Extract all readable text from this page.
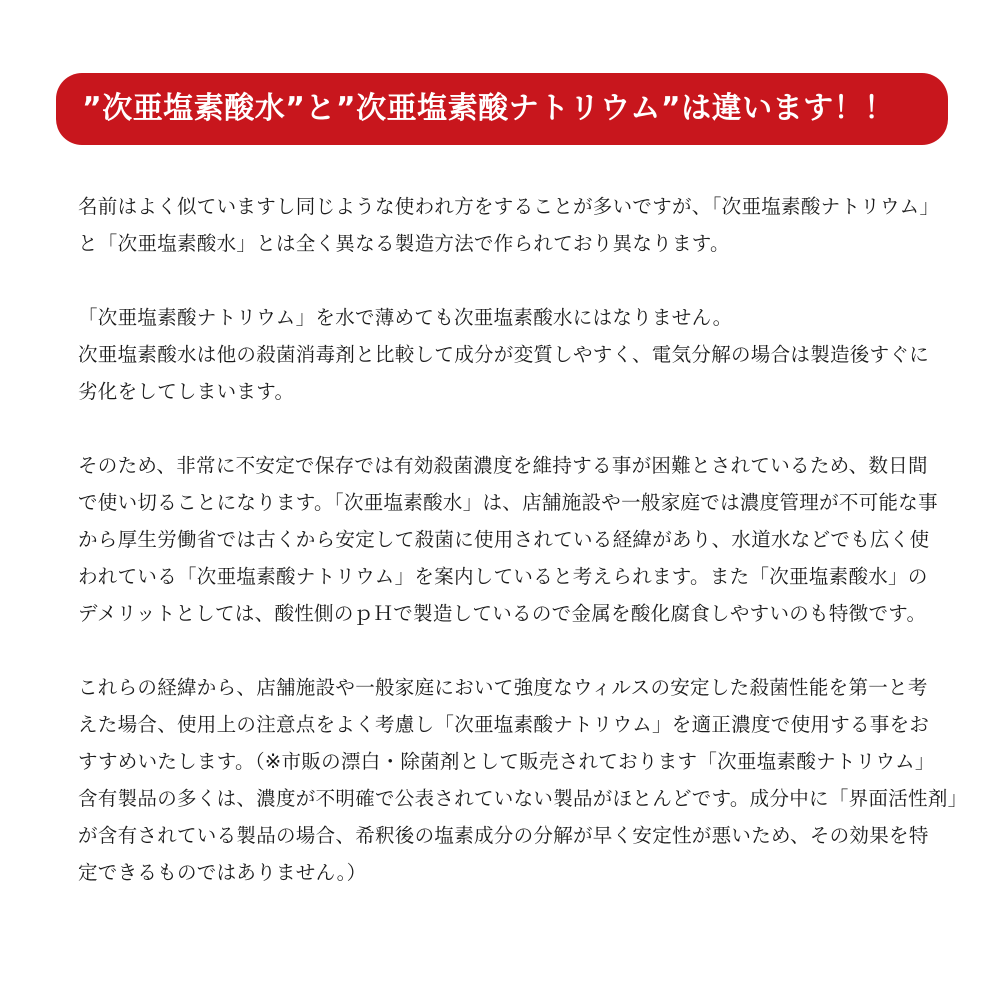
”次亜塩素酸水”と”次亜塩素酸ナトリウム”は違います！！

名前はよく似ていますし同じような使われ方をすることが多いですが、「次亜塩素酸ナトリウム」
と「次亜塩素酸水」とは全く異なる製造方法で作られており異なります。

「次亜塩素酸ナトリウム」を水で薄めても次亜塩素酸水にはなりません。
次亜塩素酸水は他の殺菌消毒剤と比較して成分が変質しやすく、電気分解の場合は製造後すぐに
劣化をしてしまいます。

そのため、非常に不安定で保存では有効殺菌濃度を維持する事が困難とされているため、数日間
で使い切ることになります。「次亜塩素酸水」は、店舗施設や一般家庭では濃度管理が不可能な事
から厚生労働省では古くから安定して殺菌に使用されている経緯があり、水道水などでも広く使
われている「次亜塩素酸ナトリウム」を案内していると考えられます。また「次亜塩素酸水」の
デメリットとしては、酸性側のｐＨで製造しているので金属を酸化腐食しやすいのも特徴です。

これらの経緯から、店舗施設や一般家庭において強度なウィルスの安定した殺菌性能を第一と考
えた場合、使用上の注意点をよく考慮し「次亜塩素酸ナトリウム」を適正濃度で使用する事をお
すすめいたします。（※市販の漂白・除菌剤として販売されております「次亜塩素酸ナトリウム」
含有製品の多くは、濃度が不明確で公表されていない製品がほとんどです。成分中に「界面活性剤」
が含有されている製品の場合、希釈後の塩素成分の分解が早く安定性が悪いため、その効果を特
定できるものではありません。）
